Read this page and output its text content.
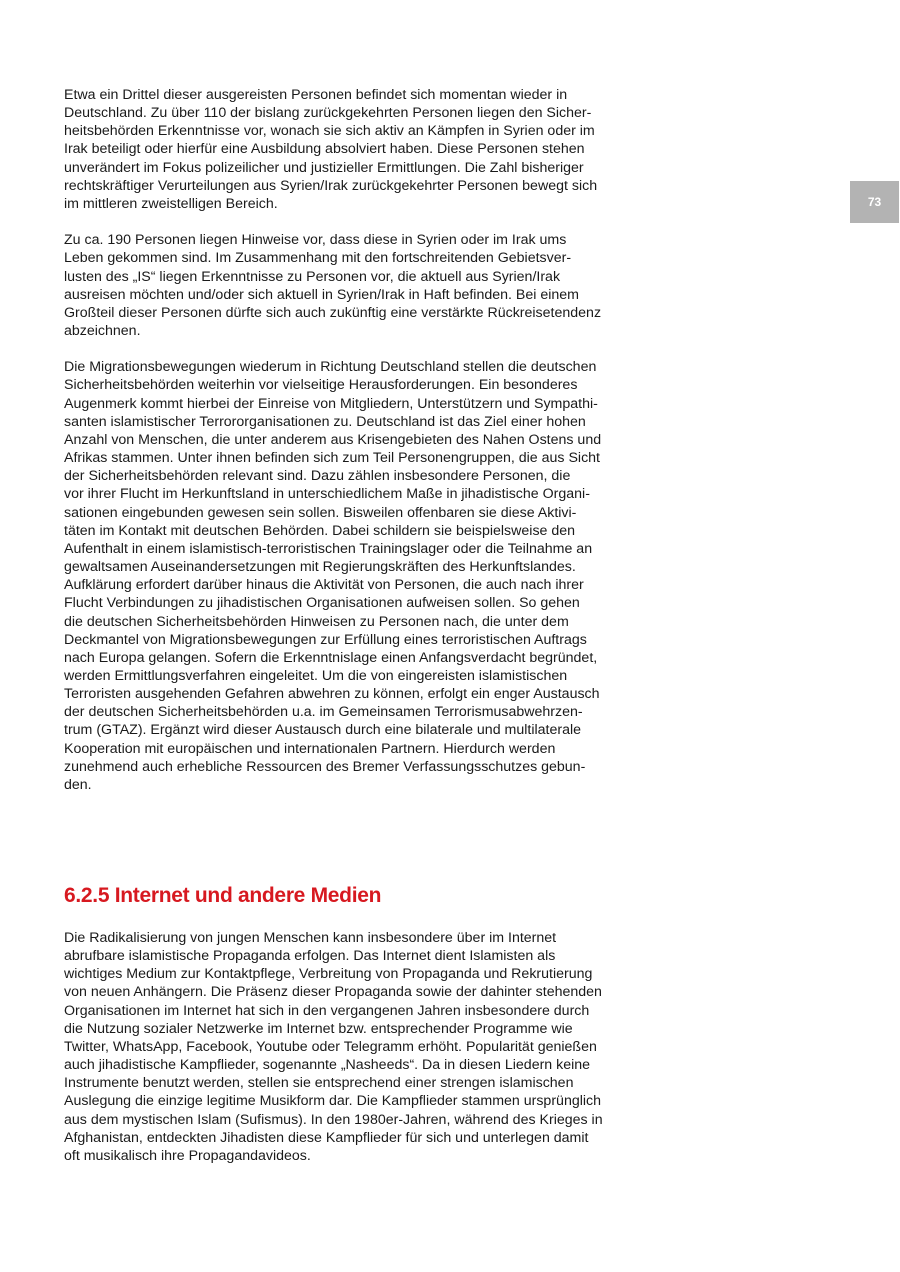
73

Etwa ein Drittel dieser ausgereisten Personen befindet sich momentan wieder in
Deutschland. Zu über 110 der bislang zurückgekehrten Personen liegen den Sicher-
heitsbehörden Erkenntnisse vor, wonach sie sich aktiv an Kämpfen in Syrien oder im
Irak beteiligt oder hierfür eine Ausbildung absolviert haben. Diese Personen stehen
unverändert im Fokus polizeilicher und justizieller Ermittlungen. Die Zahl bisheriger
rechtskräftiger Verurteilungen aus Syrien/Irak zurückgekehrter Personen bewegt sich
im mittleren zweistelligen Bereich.

Zu ca. 190 Personen liegen Hinweise vor, dass diese in Syrien oder im Irak ums
Leben gekommen sind. Im Zusammenhang mit den fortschreitenden Gebietsver-
lusten des „IS“ liegen Erkenntnisse zu Personen vor, die aktuell aus Syrien/Irak
ausreisen möchten und/oder sich aktuell in Syrien/Irak in Haft befinden. Bei einem
Großteil dieser Personen dürfte sich auch zukünftig eine verstärkte Rückreisetendenz
abzeichnen.

Die Migrationsbewegungen wiederum in Richtung Deutschland stellen die deutschen
Sicherheitsbehörden weiterhin vor vielseitige Herausforderungen. Ein besonderes
Augenmerk kommt hierbei der Einreise von Mitgliedern, Unterstützern und Sympathi-
santen islamistischer Terrororganisationen zu. Deutschland ist das Ziel einer hohen
Anzahl von Menschen, die unter anderem aus Krisengebieten des Nahen Ostens und
Afrikas stammen. Unter ihnen befinden sich zum Teil Personengruppen, die aus Sicht
der Sicherheitsbehörden relevant sind. Dazu zählen insbesondere Personen, die
vor ihrer Flucht im Herkunftsland in unterschiedlichem Maße in jihadistische Organi-
sationen eingebunden gewesen sein sollen. Bisweilen offenbaren sie diese Aktivi-
täten im Kontakt mit deutschen Behörden. Dabei schildern sie beispielsweise den
Aufenthalt in einem islamistisch-terroristischen Trainingslager oder die Teilnahme an
gewaltsamen Auseinandersetzungen mit Regierungskräften des Herkunftslandes.
Aufklärung erfordert darüber hinaus die Aktivität von Personen, die auch nach ihrer
Flucht Verbindungen zu jihadistischen Organisationen aufweisen sollen. So gehen
die deutschen Sicherheitsbehörden Hinweisen zu Personen nach, die unter dem
Deckmantel von Migrationsbewegungen zur Erfüllung eines terroristischen Auftrags
nach Europa gelangen. Sofern die Erkenntnislage einen Anfangsverdacht begründet,
werden Ermittlungsverfahren eingeleitet. Um die von eingereisten islamistischen
Terroristen ausgehenden Gefahren abwehren zu können, erfolgt ein enger Austausch
der deutschen Sicherheitsbehörden u.a. im Gemeinsamen Terrorismusabwehrzen-
trum (GTAZ). Ergänzt wird dieser Austausch durch eine bilaterale und multilaterale
Kooperation mit europäischen und internationalen Partnern. Hierdurch werden
zunehmend auch erhebliche Ressourcen des Bremer Verfassungsschutzes gebun-
den.

6.2.5 Internet und andere Medien

Die Radikalisierung von jungen Menschen kann insbesondere über im Internet
abrufbare islamistische Propaganda erfolgen. Das Internet dient Islamisten als
wichtiges Medium zur Kontaktpflege, Verbreitung von Propaganda und Rekrutierung
von neuen Anhängern. Die Präsenz dieser Propaganda sowie der dahinter stehenden
Organisationen im Internet hat sich in den vergangenen Jahren insbesondere durch
die Nutzung sozialer Netzwerke im Internet bzw. entsprechender Programme wie
Twitter, WhatsApp, Facebook, Youtube oder Telegramm erhöht. Popularität genießen
auch jihadistische Kampflieder, sogenannte „Nasheeds“. Da in diesen Liedern keine
Instrumente benutzt werden, stellen sie entsprechend einer strengen islamischen
Auslegung die einzige legitime Musikform dar. Die Kampflieder stammen ursprünglich
aus dem mystischen Islam (Sufismus). In den 1980er-Jahren, während des Krieges in
Afghanistan, entdeckten Jihadisten diese Kampflieder für sich und unterlegen damit
oft musikalisch ihre Propagandavideos.
